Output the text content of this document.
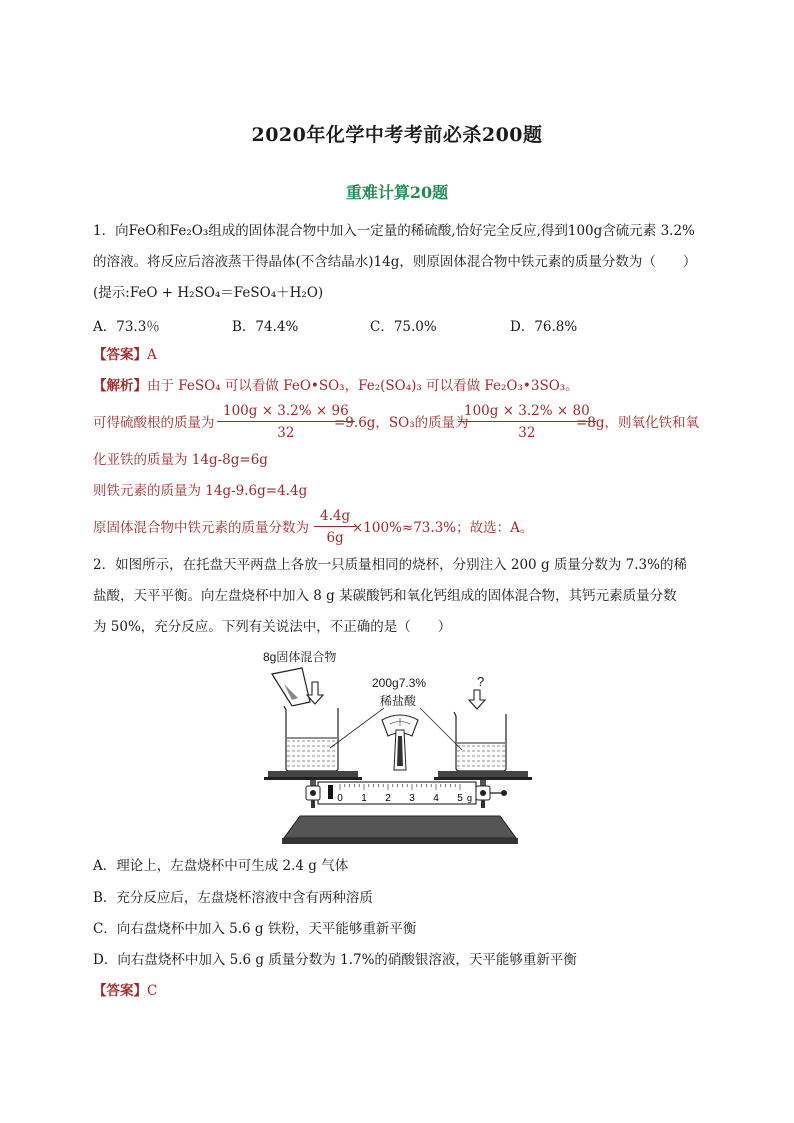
2020年化学中考考前必杀200题
重难计算20题
1．向FeO和Fe₂O₃组成的固体混合物中加入一定量的稀硫酸,恰好完全反应,得到100g含硫元素 3.2%
的溶液。将反应后溶液蒸干得晶体(不含结晶水)14g，则原固体混合物中铁元素的质量分数为（　　）
(提示:FeO + H₂SO₄＝FeSO₄＋H₂O)
A．73.3％	B．74.4%	C．75.0%	D．76.8%
【答案】A
【解析】由于 FeSO₄ 可以看做 FeO•SO₃，Fe₂(SO₄)₃ 可以看做 Fe₂O₃•3SO₃。
可得硫酸根的质量为 $\frac{100g \times 3.2\% \times 96}{32}$
=9.6g，SO₃的质量为
$\frac{100g \times 3.2\% \times 80}{32}$
=8g，则氧化铁和氧
化亚铁的质量为 14g-8g=6g
则铁元素的质量为 14g-9.6g=4.4g
原固体混合物中铁元素的质量分数为 $\frac{4.4g}{6g}$
×100%≈73.3%；故选：A。
2．如图所示，在托盘天平两盘上各放一只质量相同的烧杯，分别注入 200 g 质量分数为 7.3%的稀
盐酸，天平平衡。向左盘烧杯中加入 8 g 某碳酸钙和氧化钙组成的固体混合物，其钙元素质量分数
为 50%，充分反应。下列有关说法中，不正确的是（　　）
8g固体混合物
200g7.3%
稀盐酸
?
0 1 2 3 4 5 g
A．理论上，左盘烧杯中可生成 2.4 g 气体
B．充分反应后，左盘烧杯溶液中含有两种溶质
C．向右盘烧杯中加入 5.6 g 铁粉，天平能够重新平衡
D．向右盘烧杯中加入 5.6 g 质量分数为 1.7%的硝酸银溶液，天平能够重新平衡
【答案】C
